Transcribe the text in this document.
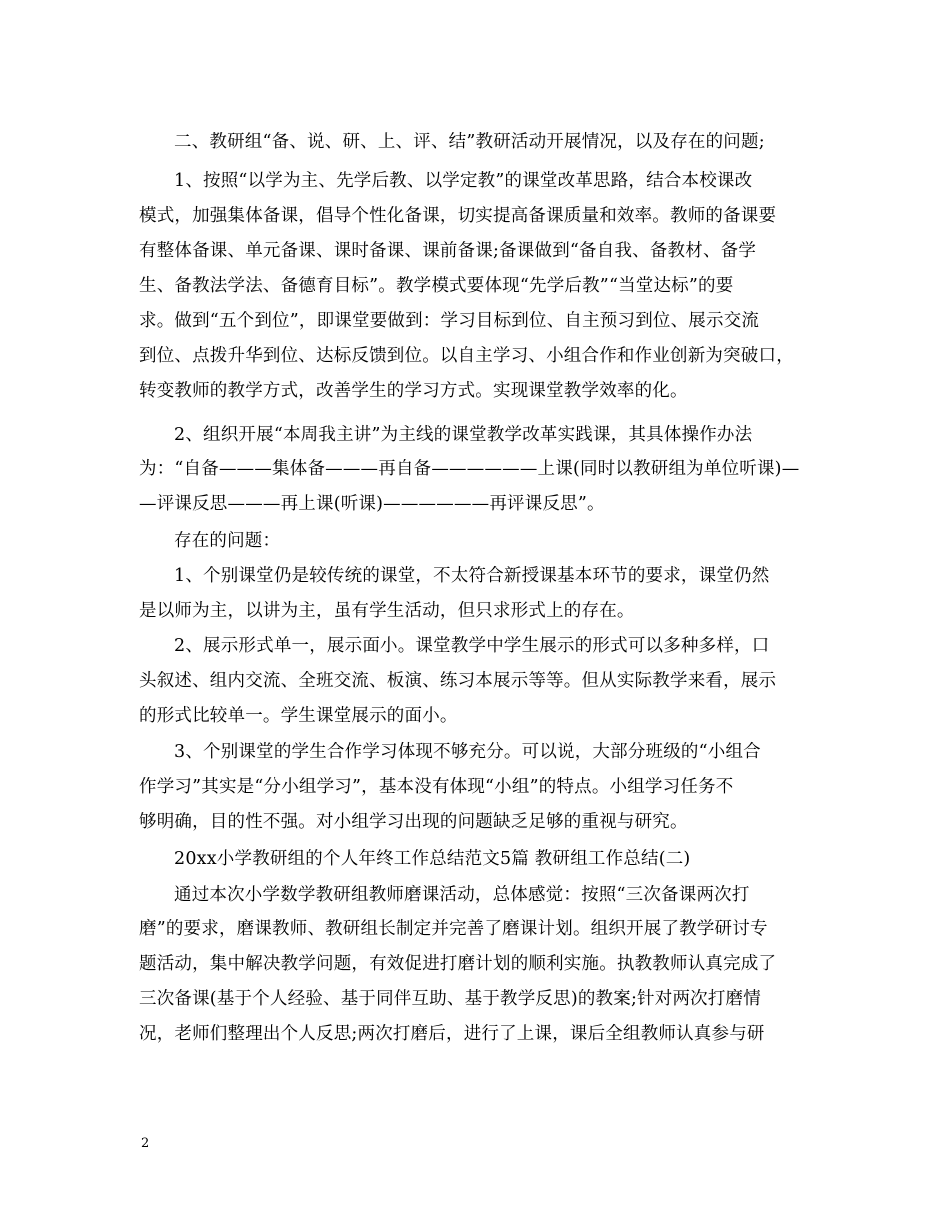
二、教研组“备、说、研、上、评、结”教研活动开展情况，以及存在的问题;
1、按照“以学为主、先学后教、以学定教”的课堂改革思路，结合本校课改
模式，加强集体备课，倡导个性化备课，切实提高备课质量和效率。教师的备课要
有整体备课、单元备课、课时备课、课前备课;备课做到“备自我、备教材、备学
生、备教法学法、备德育目标”。教学模式要体现“先学后教”“当堂达标”的要
求。做到“五个到位”，即课堂要做到：学习目标到位、自主预习到位、展示交流
到位、点拨升华到位、达标反馈到位。以自主学习、小组合作和作业创新为突破口，
转变教师的教学方式，改善学生的学习方式。实现课堂教学效率的化。
2、组织开展“本周我主讲”为主线的课堂教学改革实践课，其具体操作办法
为：“自备———集体备———再自备——————上课(同时以教研组为单位听课)—
—评课反思———再上课(听课)——————再评课反思”。
存在的问题：
1、个别课堂仍是较传统的课堂，不太符合新授课基本环节的要求，课堂仍然
是以师为主，以讲为主，虽有学生活动，但只求形式上的存在。
2、展示形式单一，展示面小。课堂教学中学生展示的形式可以多种多样，口
头叙述、组内交流、全班交流、板演、练习本展示等等。但从实际教学来看，展示
的形式比较单一。学生课堂展示的面小。
3、个别课堂的学生合作学习体现不够充分。可以说，大部分班级的“小组合
作学习”其实是“分小组学习”，基本没有体现“小组”的特点。小组学习任务不
够明确，目的性不强。对小组学习出现的问题缺乏足够的重视与研究。
20xx小学教研组的个人年终工作总结范文5篇 教研组工作总结(二)
通过本次小学数学教研组教师磨课活动，总体感觉：按照“三次备课两次打
磨”的要求，磨课教师、教研组长制定并完善了磨课计划。组织开展了教学研讨专
题活动，集中解决教学问题，有效促进打磨计划的顺利实施。执教教师认真完成了
三次备课(基于个人经验、基于同伴互助、基于教学反思)的教案;针对两次打磨情
况，老师们整理出个人反思;两次打磨后，进行了上课，课后全组教师认真参与研
2
